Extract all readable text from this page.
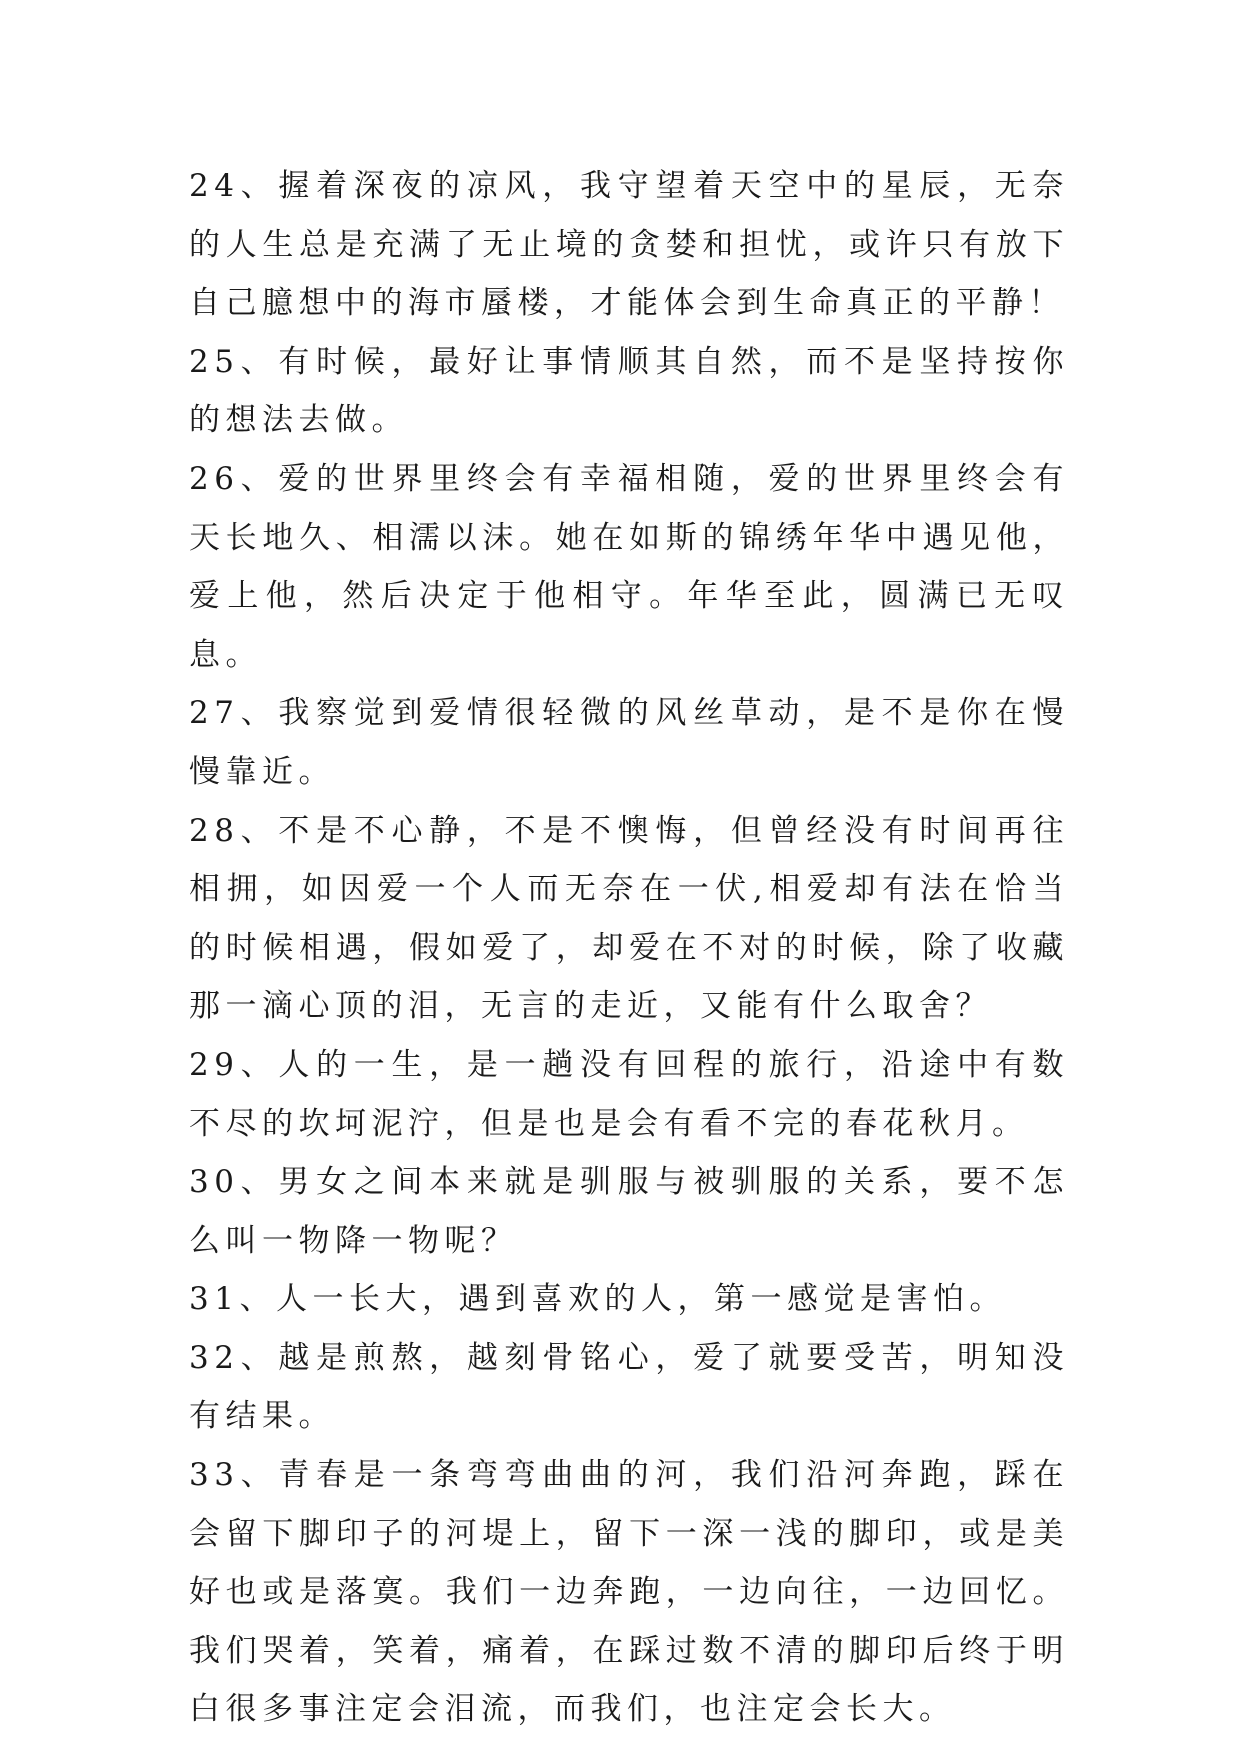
24、握着深夜的凉风，我守望着天空中的星辰，无奈的人生总是充满了无止境的贪婪和担忧，或许只有放下自己臆想中的海市蜃楼，才能体会到生命真正的平静！

25、有时候，最好让事情顺其自然，而不是坚持按你的想法去做。

26、爱的世界里终会有幸福相随，爱的世界里终会有天长地久、相濡以沫。她在如斯的锦绣年华中遇见他，爱上他，然后决定于他相守。年华至此，圆满已无叹息。

27、我察觉到爱情很轻微的风丝草动，是不是你在慢慢靠近。

28、不是不心静，不是不懊悔，但曾经没有时间再往相拥，如因爱一个人而无奈在一伏,相爱却有法在恰当的时候相遇，假如爱了，却爱在不对的时候，除了收藏那一滴心顶的泪，无言的走近，又能有什么取舍？

29、人的一生，是一趟没有回程的旅行，沿途中有数不尽的坎坷泥泞，但是也是会有看不完的春花秋月。

30、男女之间本来就是驯服与被驯服的关系，要不怎么叫一物降一物呢？

31、人一长大，遇到喜欢的人，第一感觉是害怕。

32、越是煎熬，越刻骨铭心，爱了就要受苦，明知没有结果。

33、青春是一条弯弯曲曲的河，我们沿河奔跑，踩在会留下脚印子的河堤上，留下一深一浅的脚印，或是美好也或是落寞。我们一边奔跑，一边向往，一边回忆。我们哭着，笑着，痛着，在踩过数不清的脚印后终于明白很多事注定会泪流，而我们，也注定会长大。
